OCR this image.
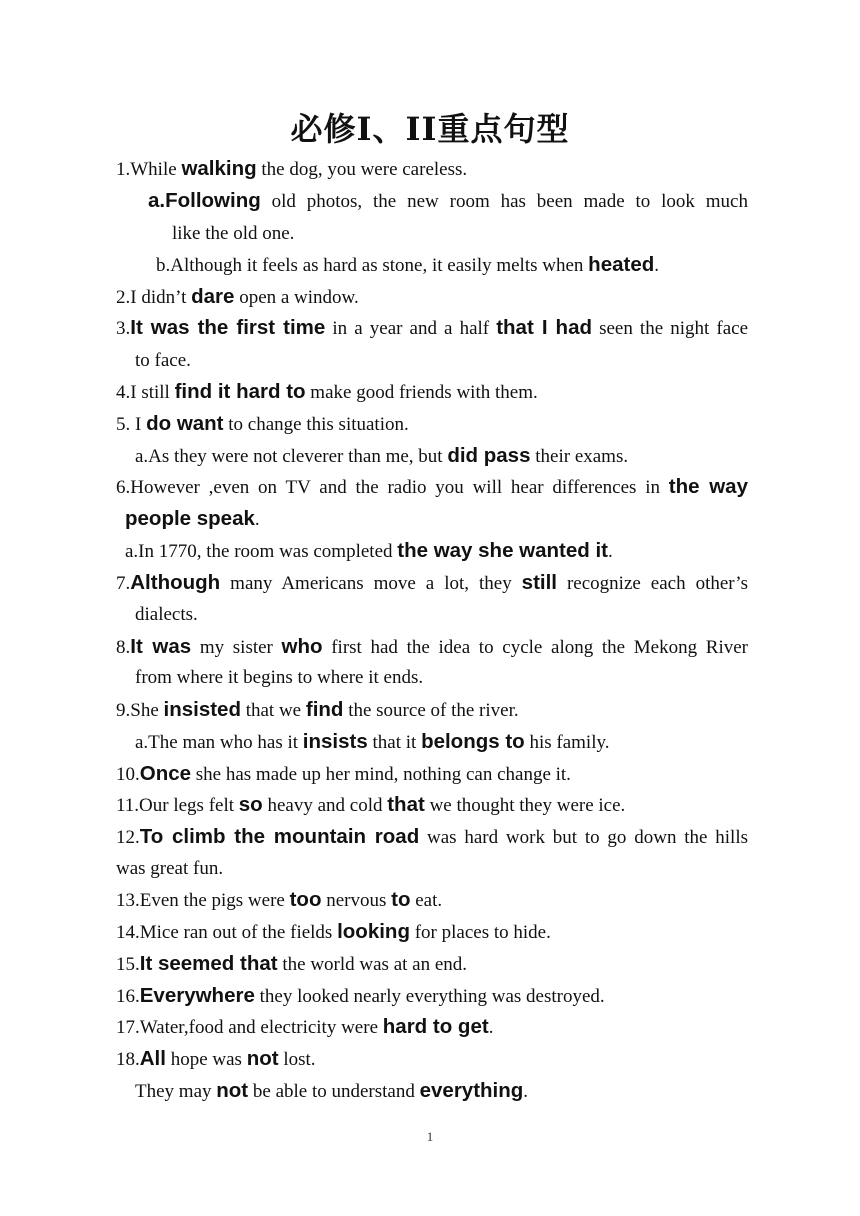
必修I、II重点句型
1.While walking the dog, you were careless.
a.Following old photos, the new room has been made to look much
like the old one.
b.Although it feels as hard as stone, it easily melts when heated.
2.I didn’t dare open a window.
3.It was the first time in a year and a half that I had seen the night face
to face.
4.I still find it hard to make good friends with them.
5. I do want to change this situation.
a.As they were not cleverer than me, but did pass their exams.
6.However ,even on TV and the radio you will hear differences in the way
people speak.
a.In 1770, the room was completed the way she wanted it.
7.Although many Americans move a lot, they still recognize each other’s
dialects.
8.It was my sister who first had the idea to cycle along the Mekong River
from where it begins to where it ends.
9.She insisted that we find the source of the river.
a.The man who has it insists that it belongs to his family.
10.Once she has made up her mind, nothing can change it.
11.Our legs felt so heavy and cold that we thought they were ice.
12.To climb the mountain road was hard work but to go down the hills
was great fun.
13.Even the pigs were too nervous to eat.
14.Mice ran out of the fields looking for places to hide.
15.It seemed that the world was at an end.
16.Everywhere they looked nearly everything was destroyed.
17.Water,food and electricity were hard to get.
18.All hope was not lost.
They may not be able to understand everything.
1
